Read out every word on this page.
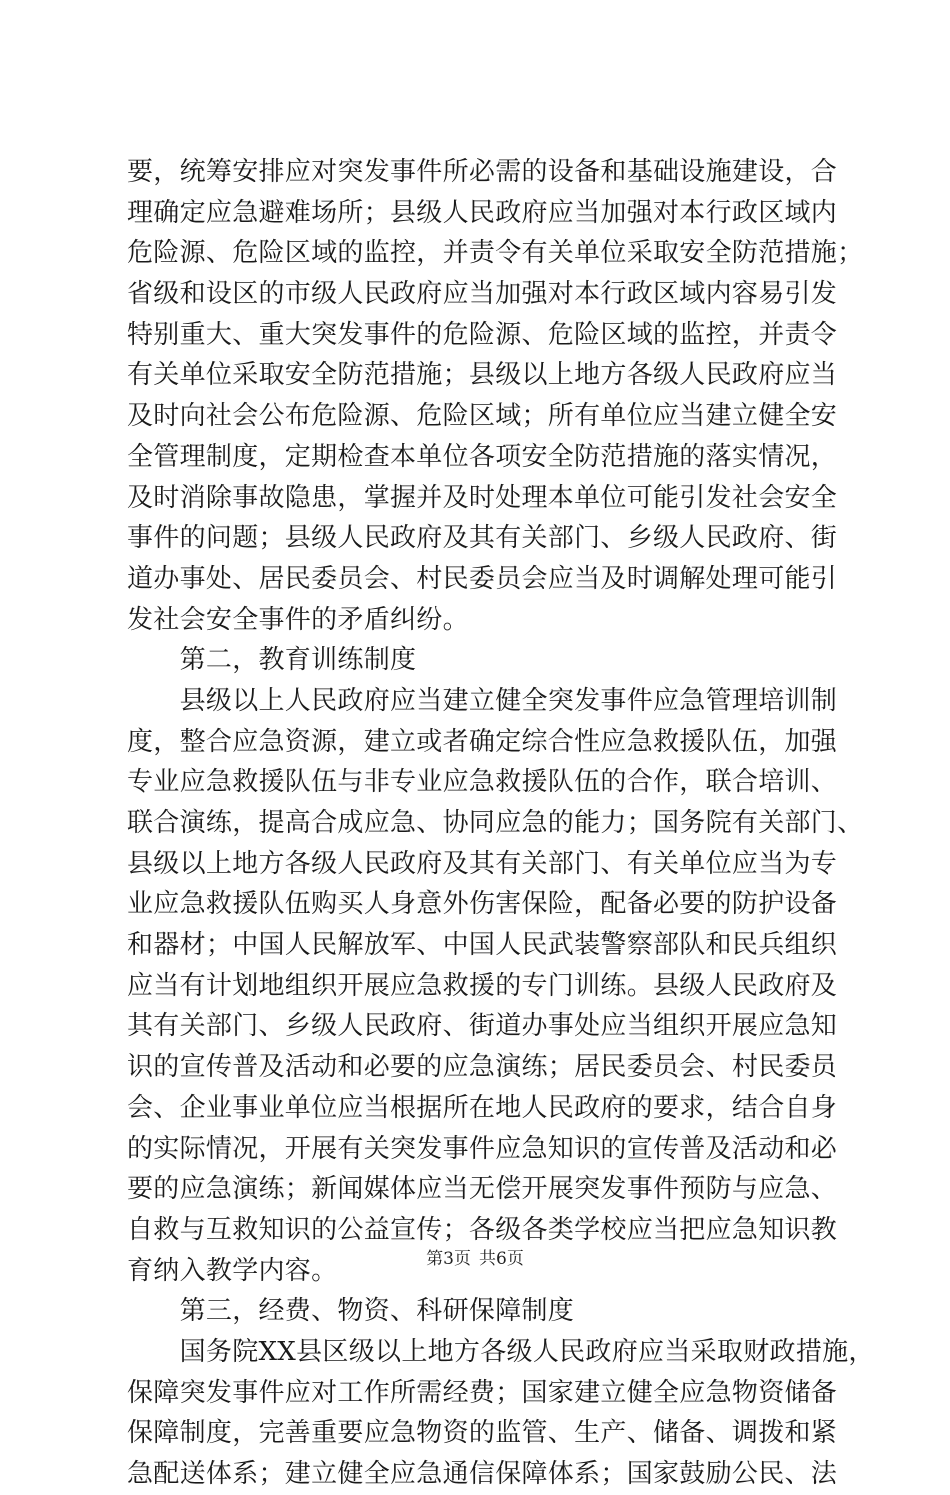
要，统筹安排应对突发事件所必需的设备和基础设施建设，合
理确定应急避难场所；县级人民政府应当加强对本行政区域内
危险源、危险区域的监控，并责令有关单位采取安全防范措施；
省级和设区的市级人民政府应当加强对本行政区域内容易引发
特别重大、重大突发事件的危险源、危险区域的监控，并责令
有关单位采取安全防范措施；县级以上地方各级人民政府应当
及时向社会公布危险源、危险区域；所有单位应当建立健全安
全管理制度，定期检查本单位各项安全防范措施的落实情况，
及时消除事故隐患，掌握并及时处理本单位可能引发社会安全
事件的问题；县级人民政府及其有关部门、乡级人民政府、街
道办事处、居民委员会、村民委员会应当及时调解处理可能引
发社会安全事件的矛盾纠纷。
　　第二，教育训练制度
　　县级以上人民政府应当建立健全突发事件应急管理培训制
度，整合应急资源，建立或者确定综合性应急救援队伍，加强
专业应急救援队伍与非专业应急救援队伍的合作，联合培训、
联合演练，提高合成应急、协同应急的能力；国务院有关部门、
县级以上地方各级人民政府及其有关部门、有关单位应当为专
业应急救援队伍购买人身意外伤害保险，配备必要的防护设备
和器材；中国人民解放军、中国人民武装警察部队和民兵组织
应当有计划地组织开展应急救援的专门训练。县级人民政府及
其有关部门、乡级人民政府、街道办事处应当组织开展应急知
识的宣传普及活动和必要的应急演练；居民委员会、村民委员
会、企业事业单位应当根据所在地人民政府的要求，结合自身
的实际情况，开展有关突发事件应急知识的宣传普及活动和必
要的应急演练；新闻媒体应当无偿开展突发事件预防与应急、
自救与互救知识的公益宣传；各级各类学校应当把应急知识教
育纳入教学内容。
　　第三，经费、物资、科研保障制度
　　国务院XX县区级以上地方各级人民政府应当采取财政措施，
保障突发事件应对工作所需经费；国家建立健全应急物资储备
保障制度，完善重要应急物资的监管、生产、储备、调拨和紧
急配送体系；建立健全应急通信保障体系；国家鼓励公民、法
第3页 共6页
